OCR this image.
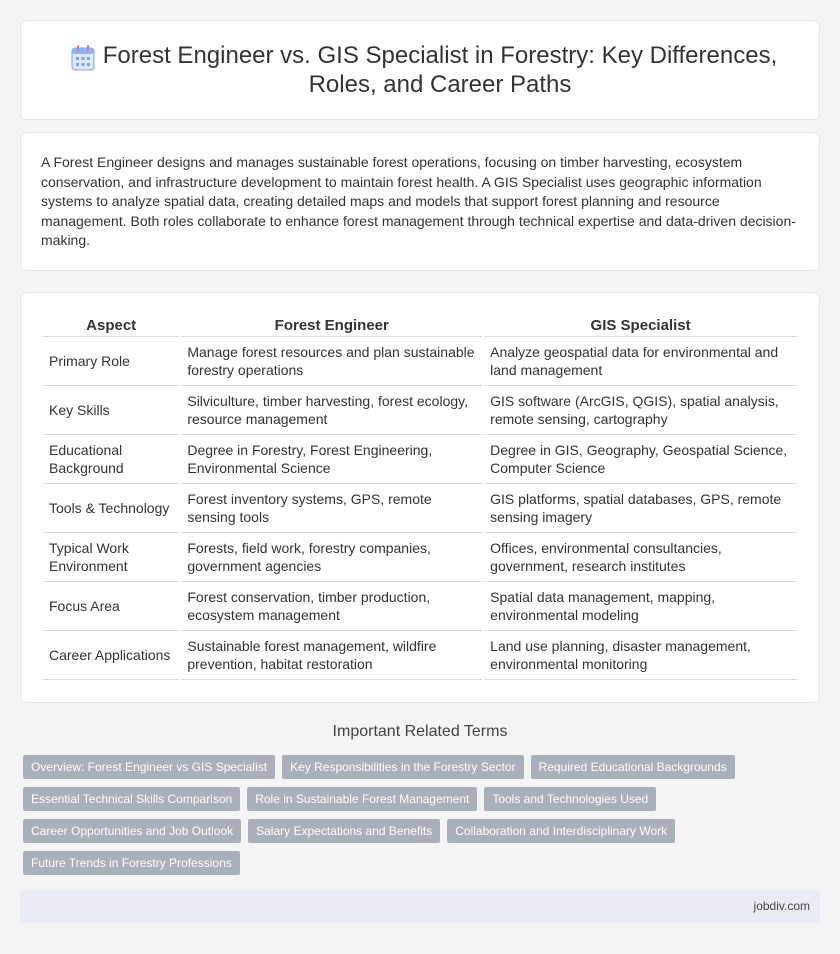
Forest Engineer vs. GIS Specialist in Forestry: Key Differences, Roles, and Career Paths

A Forest Engineer designs and manages sustainable forest operations, focusing on timber harvesting, ecosystem conservation, and infrastructure development to maintain forest health. A GIS Specialist uses geographic information systems to analyze spatial data, creating detailed maps and models that support forest planning and resource management. Both roles collaborate to enhance forest management through technical expertise and data-driven decision-making.

Aspect	Forest Engineer	GIS Specialist
Primary Role	Manage forest resources and plan sustainable forestry operations	Analyze geospatial data for environmental and land management
Key Skills	Silviculture, timber harvesting, forest ecology, resource management	GIS software (ArcGIS, QGIS), spatial analysis, remote sensing, cartography
Educational Background	Degree in Forestry, Forest Engineering, Environmental Science	Degree in GIS, Geography, Geospatial Science, Computer Science
Tools & Technology	Forest inventory systems, GPS, remote sensing tools	GIS platforms, spatial databases, GPS, remote sensing imagery
Typical Work Environment	Forests, field work, forestry companies, government agencies	Offices, environmental consultancies, government, research institutes
Focus Area	Forest conservation, timber production, ecosystem management	Spatial data management, mapping, environmental modeling
Career Applications	Sustainable forest management, wildfire prevention, habitat restoration	Land use planning, disaster management, environmental monitoring
Important Related Terms
Overview: Forest Engineer vs GIS Specialist	Key Responsibilities in the Forestry Sector	Required Educational Backgrounds
Essential Technical Skills Comparison	Role in Sustainable Forest Management	Tools and Technologies Used
Career Opportunities and Job Outlook	Salary Expectations and Benefits	Collaboration and Interdisciplinary Work
Future Trends in Forestry Professions
jobdiv.com
